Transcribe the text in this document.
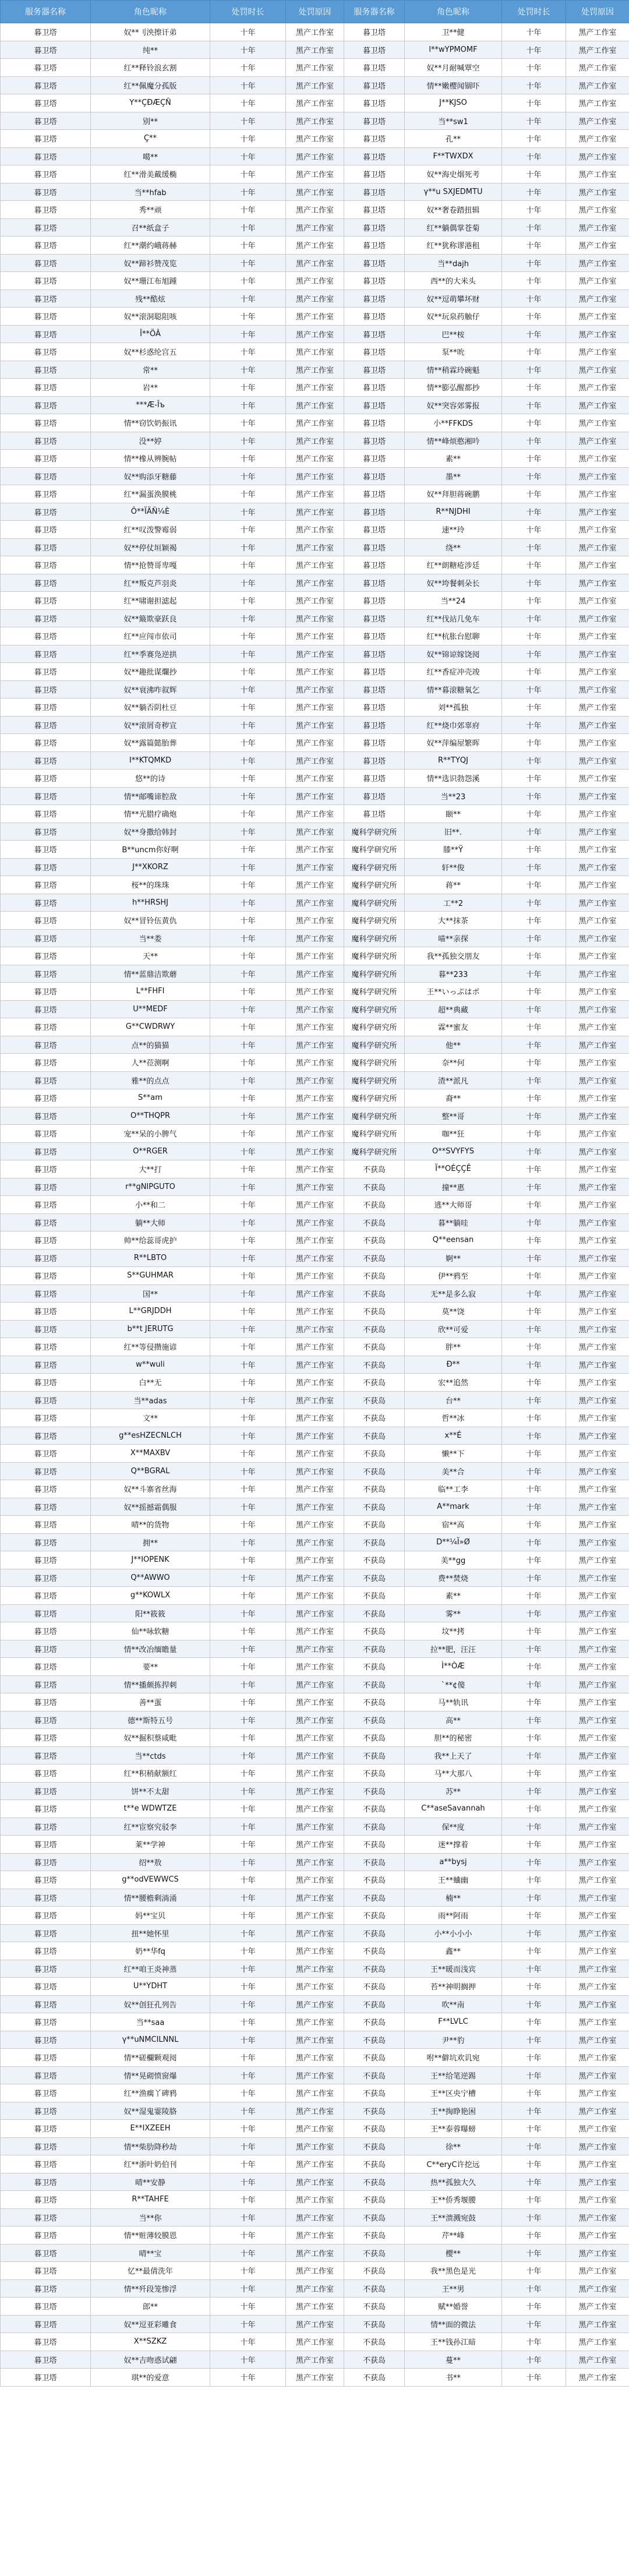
服务器名称	角色昵称	处罚时长	处罚原因	服务器名称	角色昵称	处罚时长	处罚原因
暮卫塔	奴**刂泱擦讦弟	十年	黑产工作室	暮卫塔	卫**健	十年	黑产工作室
暮卫塔	纯**	十年	黑产工作室	暮卫塔	l**wYPMOMF	十年	黑产工作室
暮卫塔	红**释铃浪玄割	十年	黑产工作室	暮卫塔	奴**月耐喊覃空	十年	黑产工作室
暮卫塔	红**佩魔分孤版	十年	黑产工作室	暮卫塔	情**嫩樱闻锢吓	十年	黑产工作室
暮卫塔	Y**ÇÐÆÇÑ	十年	黑产工作室	暮卫塔	J**KJSO	十年	黑产工作室
暮卫塔	别**	十年	黑产工作室	暮卫塔	当**sw1	十年	黑产工作室
暮卫塔	Ç**	十年	黑产工作室	暮卫塔	孔**	十年	黑产工作室
暮卫塔	噶**	十年	黑产工作室	暮卫塔	F**TWXDX	十年	黑产工作室
暮卫塔	红**滑美戴缓椭	十年	黑产工作室	暮卫塔	奴**海史烟死考	十年	黑产工作室
暮卫塔	当**hfab	十年	黑产工作室	暮卫塔	γ**u SXJEDMTU	十年	黑产工作室
暮卫塔	秀**顽	十年	黑产工作室	暮卫塔	奴**奢卷踏扭辑	十年	黑产工作室
暮卫塔	召**纸盒子	十年	黑产工作室	暮卫塔	红**躺偶掌苍菊	十年	黑产工作室
暮卫塔	红**潮约峨蒋赫	十年	黑产工作室	暮卫塔	红**犹称谬港租	十年	黑产工作室
暮卫塔	奴**蹄衫赞茂览	十年	黑产工作室	暮卫塔	当**dajh	十年	黑产工作室
暮卫塔	奴**珊江布旭踵	十年	黑产工作室	暮卫塔	西**的大米头	十年	黑产工作室
暮卫塔	残**酷炫	十年	黑产工作室	暮卫塔	奴**逗萌攀坏财	十年	黑产工作室
暮卫塔	奴**滚洞聪阻咳	十年	黑产工作室	暮卫塔	奴**玩泉药触仔	十年	黑产工作室
暮卫塔	Î**ÖÂ	十年	黑产工作室	暮卫塔	巴**桉	十年	黑产工作室
暮卫塔	奴**杉惑纶宫五	十年	黑产工作室	暮卫塔	泵**吮	十年	黑产工作室
暮卫塔	常**	十年	黑产工作室	暮卫塔	情**稍霖玲碗魁	十年	黑产工作室
暮卫塔	岩**	十年	黑产工作室	暮卫塔	情**膨弘醒都抄	十年	黑产工作室
暮卫塔	***Æ-Îъ	十年	黑产工作室	暮卫塔	奴**突容郊雾报	十年	黑产工作室
暮卫塔	情**窃饮奶振讯	十年	黑产工作室	暮卫塔	小**FFKDS	十年	黑产工作室
暮卫塔	没**婷	十年	黑产工作室	暮卫塔	情**峰烦憨湘吟	十年	黑产工作室
暮卫塔	情**橡从辨腕帖	十年	黑产工作室	暮卫塔	素**	十年	黑产工作室
暮卫塔	奴**购添牙糖藤	十年	黑产工作室	暮卫塔	墨**	十年	黑产工作室
暮卫塔	红**漏蛋涣膜桃	十年	黑产工作室	暮卫塔	奴**拜胆蒋碗鹏	十年	黑产工作室
暮卫塔	Ô**ÏÄÑ¼È	十年	黑产工作室	暮卫塔	R**NJDHI	十年	黑产工作室
暮卫塔	红**叹泼警霉弱	十年	黑产工作室	暮卫塔	速**玲	十年	黑产工作室
暮卫塔	奴**停仗垣颖褐	十年	黑产工作室	暮卫塔	绕**	十年	黑产工作室
暮卫塔	情**抢赞哥卑嘎	十年	黑产工作室	暮卫塔	红**朗糖疮涉廷	十年	黑产工作室
暮卫塔	红**叛克芦羽炎	十年	黑产工作室	暮卫塔	奴**垮餐刺朵长	十年	黑产工作室
暮卫塔	红**啸谢担滤起	十年	黑产工作室	暮卫塔	当**24	十年	黑产工作室
暮卫塔	奴**簸欺豪跃良	十年	黑产工作室	暮卫塔	红**伐站几免车	十年	黑产工作室
暮卫塔	红**应闯市依司	十年	黑产工作室	暮卫塔	红**杭胀台慰聊	十年	黑产工作室
暮卫塔	红**季赛凫逆拱	十年	黑产工作室	暮卫塔	奴**锦谅嫁饶阅	十年	黑产工作室
暮卫塔	奴**趣批谋爛抄	十年	黑产工作室	暮卫塔	红**香症冲壳竣	十年	黑产工作室
暮卫塔	奴**衰沸咋叙辉	十年	黑产工作室	暮卫塔	情**暮滚糖氧乞	十年	黑产工作室
暮卫塔	奴**躺否阴杜豆	十年	黑产工作室	暮卫塔	刘**孤独	十年	黑产工作室
暮卫塔	奴**滚屑奇秽宣	十年	黑产工作室	暮卫塔	红**烧巾郊辜府	十年	黑产工作室
暮卫塔	奴**露篇懿胎葬	十年	黑产工作室	暮卫塔	奴**萍编屋繁晖	十年	黑产工作室
暮卫塔	I**KTQMKD	十年	黑产工作室	暮卫塔	R**TYQJ	十年	黑产工作室
暮卫塔	悠**的诗	十年	黑产工作室	暮卫塔	情**选识勃怨溪	十年	黑产工作室
暮卫塔	情**邮嘴谛腔敌	十年	黑产工作室	暮卫塔	当**23	十年	黑产工作室
暮卫塔	情**光腊疗确炮	十年	黑产工作室	暮卫塔	颐**	十年	黑产工作室
暮卫塔	奴**身撒给韩封	十年	黑产工作室	魔科学研究所	旧**.	十年	黑产工作室
暮卫塔	B**uncm你好啊	十年	黑产工作室	魔科学研究所	膝**Ÿ	十年	黑产工作室
暮卫塔	J**XKORZ	十年	黑产工作室	魔科学研究所	轩**俊	十年	黑产工作室
暮卫塔	桜**的珠珠	十年	黑产工作室	魔科学研究所	蒋**	十年	黑产工作室
暮卫塔	h**HRSHJ	十年	黑产工作室	魔科学研究所	工**2	十年	黑产工作室
暮卫塔	奴**冒铃伍黄仇	十年	黑产工作室	魔科学研究所	大**抹茶	十年	黑产工作室
暮卫塔	当**娄	十年	黑产工作室	魔科学研究所	喵**亲探	十年	黑产工作室
暮卫塔	天**	十年	黑产工作室	魔科学研究所	我**孤独交朋友	十年	黑产工作室
暮卫塔	情**蓝鼎洁欺蘑	十年	黑产工作室	魔科学研究所	暮**233	十年	黑产工作室
暮卫塔	L**FHFI	十年	黑产工作室	魔科学研究所	王**いっぷはポ	十年	黑产工作室
暮卫塔	U**MEDF	十年	黑产工作室	魔科学研究所	超**典藏	十年	黑产工作室
暮卫塔	G**CWDRWY	十年	黑产工作室	魔科学研究所	霖**蜜友	十年	黑产工作室
暮卫塔	点**的猫猫	十年	黑产工作室	魔科学研究所	他**	十年	黑产工作室
暮卫塔	人**莅测啊	十年	黑产工作室	魔科学研究所	奈**何	十年	黑产工作室
暮卫塔	雅**的点点	十年	黑产工作室	魔科学研究所	渣**派凡	十年	黑产工作室
暮卫塔	S**am	十年	黑产工作室	魔科学研究所	裔**	十年	黑产工作室
暮卫塔	O**THQPR	十年	黑产工作室	魔科学研究所	整**哥	十年	黑产工作室
暮卫塔	宠**呆的小脾气	十年	黑产工作室	魔科学研究所	咖**狂	十年	黑产工作室
暮卫塔	O**RGER	十年	黑产工作室	魔科学研究所	O**SVYFYS	十年	黑产工作室
暮卫塔	大**打	十年	黑产工作室	不获岛	Ï**OÉÇÇÊ	十年	黑产工作室
暮卫塔	r**gNIPGUTO	十年	黑产工作室	不获岛	撞**惠	十年	黑产工作室
暮卫塔	小**和二	十年	黑产工作室	不获岛	逃**大师哥	十年	黑产工作室
暮卫塔	躺**大师	十年	黑产工作室	不获岛	暮**躺哇	十年	黑产工作室
暮卫塔	帅**给蕊哥虎护	十年	黑产工作室	不获岛	Q**eensan	十年	黑产工作室
暮卫塔	R**LBTO	十年	黑产工作室	不获岛	婀**	十年	黑产工作室
暮卫塔	S**GUHMAR	十年	黑产工作室	不获岛	伊**鸦至	十年	黑产工作室
暮卫塔	国**	十年	黑产工作室	不获岛	无**是多么寂	十年	黑产工作室
暮卫塔	L**GRJDDH	十年	黑产工作室	不获岛	莫**饶	十年	黑产工作室
暮卫塔	b**t JERUTG	十年	黑产工作室	不获岛	欣**可爱	十年	黑产工作室
暮卫塔	红**等侵攒施谚	十年	黑产工作室	不获岛	胖**	十年	黑产工作室
暮卫塔	w**wuli	十年	黑产工作室	不获岛	Ð**	十年	黑产工作室
暮卫塔	白**无	十年	黑产工作室	不获岛	宏**追然	十年	黑产工作室
暮卫塔	当**adas	十年	黑产工作室	不获岛	台**	十年	黑产工作室
暮卫塔	文**	十年	黑产工作室	不获岛	哲**冰	十年	黑产工作室
暮卫塔	g**esHZECNLCH	十年	黑产工作室	不获岛	x**É	十年	黑产工作室
暮卫塔	X**MAXBV	十年	黑产工作室	不获岛	懒**下	十年	黑产工作室
暮卫塔	Q**BGRAL	十年	黑产工作室	不获岛	美**合	十年	黑产工作室
暮卫塔	奴**斗寨省丝海	十年	黑产工作室	不获岛	临**工李	十年	黑产工作室
暮卫塔	奴**摇撼霜偶服	十年	黑产工作室	不获岛	A**mark	十年	黑产工作室
暮卫塔	晴**的货物	十年	黑产工作室	不获岛	宿**高	十年	黑产工作室
暮卫塔	拥**	十年	黑产工作室	不获岛	D**¼Ï»Ø	十年	黑产工作室
暮卫塔	J**IOPENK	十年	黑产工作室	不获岛	美**gg	十年	黑产工作室
暮卫塔	Q**AWWO	十年	黑产工作室	不获岛	费**焚烧	十年	黑产工作室
暮卫塔	g**KOWLX	十年	黑产工作室	不获岛	素**	十年	黑产工作室
暮卫塔	阳**筱筱	十年	黑产工作室	不获岛	雾**	十年	黑产工作室
暮卫塔	仙**咏软糖	十年	黑产工作室	不获岛	坟**拷	十年	黑产工作室
暮卫塔	情**改冶缅瞻量	十年	黑产工作室	不获岛	拉**肥，汪汪	十年	黑产工作室
暮卫塔	要**	十年	黑产工作室	不获岛	Ì**ÒÆ	十年	黑产工作室
暮卫塔	情**播颇拣捍刺	十年	黑产工作室	不获岛	`**¢傻	十年	黑产工作室
暮卫塔	善**蛋	十年	黑产工作室	不获岛	马**轨讯	十年	黑产工作室
暮卫塔	德**斯特五号	十年	黑产工作室	不获岛	高**	十年	黑产工作室
暮卫塔	奴**掘积蔡咸毗	十年	黑产工作室	不获岛	胆**的秘密	十年	黑产工作室
暮卫塔	当**ctds	十年	黑产工作室	不获岛	我**上天了	十年	黑产工作室
暮卫塔	红**积稍献额红	十年	黑产工作室	不获岛	马**大那八	十年	黑产工作室
暮卫塔	饼**不太甜	十年	黑产工作室	不获岛	苏**	十年	黑产工作室
暮卫塔	t**e WDWTZE	十年	黑产工作室	不获岛	C**aseSavannah	十年	黑产工作室
暮卫塔	红**宦察究驳李	十年	黑产工作室	不获岛	保**度	十年	黑产工作室
暮卫塔	莱**学神	十年	黑产工作室	不获岛	迷**撑着	十年	黑产工作室
暮卫塔	绍**敖	十年	黑产工作室	不获岛	a**bysj	十年	黑产工作室
暮卫塔	g**odVEWWCS	十年	黑产工作室	不获岛	王**蛐幽	十年	黑产工作室
暮卫塔	情**腰檐剩淌涌	十年	黑产工作室	不获岛	楠**	十年	黑产工作室
暮卫塔	妈**宝贝	十年	黑产工作室	不获岛	雨**阿雨	十年	黑产工作室
暮卫塔	扭**她怀里	十年	黑产工作室	不获岛	小**小小小	十年	黑产工作室
暮卫塔	奶**华fq	十年	黑产工作室	不获岛	鑫**	十年	黑产工作室
暮卫塔	红**咱王炎神蒸	十年	黑产工作室	不获岛	王**暖而浅宾	十年	黑产工作室
暮卫塔	U**YDHT	十年	黑产工作室	不获岛	苔**神明搁押	十年	黑产工作室
暮卫塔	奴**创狂孔列告	十年	黑产工作室	不获岛	吹**南	十年	黑产工作室
暮卫塔	当**saa	十年	黑产工作室	不获岛	F**LVLC	十年	黑产工作室
暮卫塔	γ**uNMCILNNL	十年	黑产工作室	不获岛	尹**豹	十年	黑产工作室
暮卫塔	情**磋欄颗观阅	十年	黑产工作室	不获岛	咐**僻坑欢讥宛	十年	黑产工作室
暮卫塔	情**晃砌愤窗爆	十年	黑产工作室	不获岛	王**给笔逆踢	十年	黑产工作室
暮卫塔	红**渔瘸丫碑鸦	十年	黑产工作室	不获岛	王**区央宁槽	十年	黑产工作室
暮卫塔	奴**湿鬼霎陵胳	十年	黑产工作室	不获岛	王**掏睁艳困	十年	黑产工作室
暮卫塔	E**IXZEEH	十年	黑产工作室	不获岛	王**泰蓉曝螃	十年	黑产工作室
暮卫塔	情**柴肋降秒劫	十年	黑产工作室	不获岛	徐**	十年	黑产工作室
暮卫塔	红**浙叶奶伯刊	十年	黑产工作室	不获岛	C**eryC许挖远	十年	黑产工作室
暮卫塔	晴**安静	十年	黑产工作室	不获岛	热**孤独大久	十年	黑产工作室
暮卫塔	R**TAHFE	十年	黑产工作室	不获岛	王**侨秀堰腰	十年	黑产工作室
暮卫塔	当**你	十年	黑产工作室	不获岛	王**溃溅宛鼓	十年	黑产工作室
暮卫塔	情**赃薄较膜恩	十年	黑产工作室	不获岛	芹**峰	十年	黑产工作室
暮卫塔	晴**宝	十年	黑产工作室	不获岛	樱**	十年	黑产工作室
暮卫塔	忆**最倩洗年	十年	黑产工作室	不获岛	我**黑色是光	十年	黑产工作室
暮卫塔	情**歼段笼惨浮	十年	黑产工作室	不获岛	王**男	十年	黑产工作室
暮卫塔	郎**	十年	黑产工作室	不获岛	赋**婚誉	十年	黑产工作室
暮卫塔	奴**逗亚彩雕食	十年	黑产工作室	不获岛	情**面的微法	十年	黑产工作室
暮卫塔	X**SZKZ	十年	黑产工作室	不获岛	王**钱孙江暗	十年	黑产工作室
暮卫塔	奴**吉吻惑试翩	十年	黑产工作室	不获岛	蔓**	十年	黑产工作室
暮卫塔	琪**的爱意	十年	黑产工作室	不获岛	书**	十年	黑产工作室
